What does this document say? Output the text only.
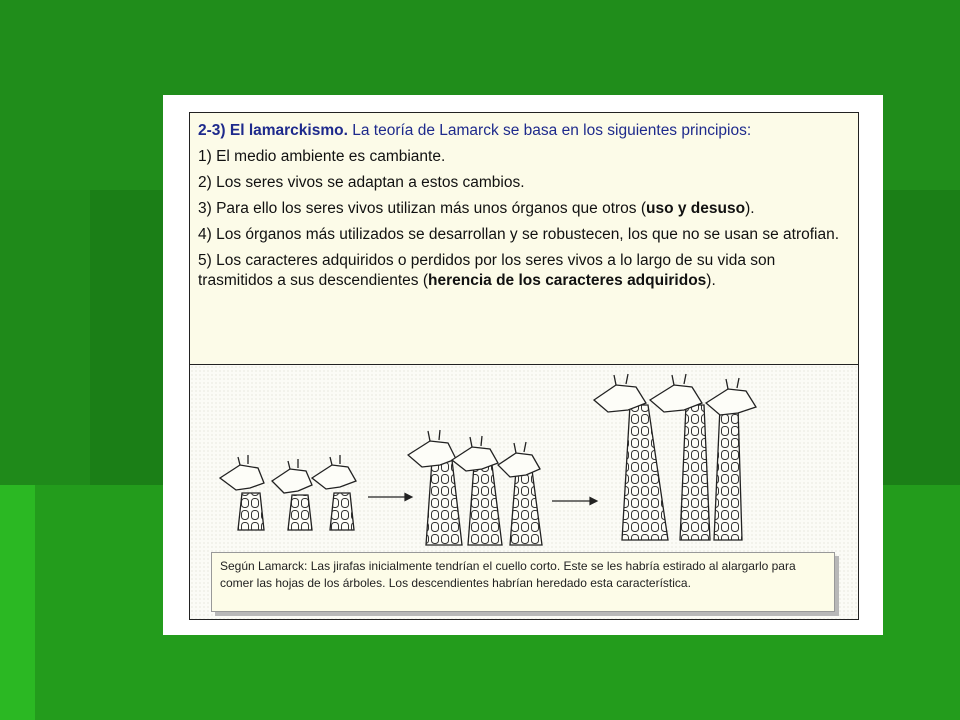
2-3) El lamarckismo. La teoría de Lamarck se basa en los siguientes principios:

1) El medio ambiente es cambiante.

2) Los seres vivos se adaptan a estos cambios.

3) Para ello los seres vivos utilizan más unos órganos que otros (uso y desuso).

4) Los órganos más utilizados se desarrollan y se robustecen, los que no se usan se atrofian.

5) Los caracteres adquiridos o perdidos por los seres vivos a lo largo de su vida son trasmitidos a sus descendientes (herencia de los caracteres adquiridos).

Según Lamarck: Las jirafas inicialmente tendrían el cuello corto. Este se les habría estirado al alargarlo para comer las hojas de los árboles. Los descendientes habrían heredado esta característica.
